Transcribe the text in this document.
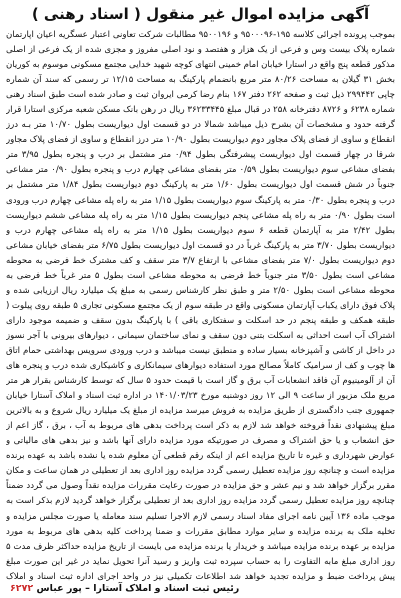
آگهی مزایده اموال غیر منقول ( اسناد رهنی )

بموجب پرونده اجرائی کلاسه ۱۹۵-۹۵۰۰۰۹۶ و ۹۵۰۰۱۹۶ مطالبات شرکت تعاونی اعتبار عسگریه اعیان اپارتمان شماره پلاک بیست وس و فرعی از یک هزار و هفتصد و نود اصلی مفروز و مجزی شده از یک فرعی از اصلی مذکور قطعه پنج واقع در استارا خیابان امام خمینی انتهای کوچه شهید خدایی مجتمع مسکونی موسوم به کوریان بخش ۳۱ گیلان به مساحت ۸۰/۲۶ متر مربع بانضمام پارکینگ به مساحت ۱۲/۱۵ تر رسمی که سند آن شماره چاپی ۲۹۹۴۴۲ ذیل ثبت و صفحه ۲۶۲ دفتر ۱۶۷ بنام رضا کرمی ایروان ثبت و صادر شده است طبق اسناد رهنی شماره ۶۲۳۸ و ۸۷۲۶ دفترخانه ۲۵۸ در قبال مبلغ ۳۶۲۳۳۴۴۵ ریال در رهن بانک مسکن شعبه مرکزی استارا قرار گرفته حدود و مشخصات آن بشرح ذیل میباشد شمالا در دو قسمت اول دیواریست بطول ۱۰/۷۰ متر بـه درز انقطاع و ساوی از فضای پلاک مجاور دوم دیواریست بطول ۱۰/۹۰ متر درز انقطاع و ساوی از فضای پلاک مجاور شرقا در چهار قسمت اول دیواریست پیشرفتگی بطول ۰/۹۴ متر مشتمل بر درب و پنجره بطول ۳/۹۵ متر بفضای مشاعی سوم دیواریست بطول ۰/۵۹ متر بفضای مشاعی چهارم درب و پنجره بطول ۰/۹۰ متر مشاعی جنوباً در شش قسمت اول دیواریست بطول ۱/۶۰ متر به پارکینگ دوم دیواریست بطول ۱/۸۴ متر مشتمل بر درب و پنجره بطول ۰/۳۰ متر به پارکینگ سوم دیواریست بطول ۱/۱۵ متر به راه پله مشاعی چهارم درب ورودی است بطول ۰/۹۰ متر به راه پله مشاعی پنجم دیواریست بطول ۱/۱۵ متر به راه پله مشاعی ششم دیواریست بطول ۲/۴۲ متر به آپارتمان قطعه ۶ سوم دیواریست بطول ۱/۱۵ متر به راه پله مشاعی چهارم درب و دیواریست بطول ۳/۷۰ متر به پارکینگ غرباً در دو قسمت اول دیواریست بطول ۶/۷۵ متر بفضای خیابان مشاعی دوم دیواریست بطول ۷/۰ متر بفضای مشاعی با ارتفاع ۳/۷ متر سقف و کف مشترک خط فرضی به محوطه مشاعی است بطول ۳/۵۰ متر جنوباً خط فرضی به محوطه مشاعی است بطول ۵ متر غرباً خط فرضی به محوطه مشاعی است بطول ۲/۵۰ متر و طبق نظر کارشناس رسمی به مبلغ یک میلیارد ریال ارزیابی شده و پلاک فوق دارای یکباب آپارتمان مسکونی واقع در طبقه سوم از یک مجتمع مسکونی تجاری ۵ طبقه روی پیلوت ( طبقه همکف و طبقه پنجم در حد اسکلت و سفتکاری باقی ) با پارکینگ بدون سقف و ضمیمه موجود دارای اشتراک آب است احداثی به اسکلت بتنی دون سقف و نمای ساختمان سیمانی ، دیوارهای بیرونی با آجر نسوز در داخل از کاشی و آشپزخانه بسیار ساده و منطبق نیست میباشد و درب ورودی سرویس بهداشتی حمام اتاق ها چوب و کف از سرامیک کاملاً مصالح مورد استفاده دیوارهای سیمانکاری و کاشیکاری شده درب و پنجره های آن از آلومینیوم آن فاقد انشعابات آب برق و گاز است با قیمت حدود ۵ سال که توسط کارشناس بقرار هر متر مربع ملک مزبور از ساعت ۹ الی ۱۲ روز دوشنبه مورخ ۱۴۰۱/۰۳/۲۳ در اداره ثبت اسناد و املاک آستارا خیابان جمهوری جنب دادگستری از طریق مزایده به فروش میرسد مزایده از مبلغ یک میلیارد ریال شروع و به بالاترین مبلغ پیشنهادی نقداً فروخته خواهد شد لازم به ذکر است پرداخت بدهی های مربوط به آب ، برق ، گاز اعم از حق انشعاب و یا حق اشتراک و مصرف در صورتیکه مورد مزایده دارای آنها باشد و نیز بدهی های مالیاتی و عوارض شهرداری و غیره تا تاریخ مزایده اعم از اینکه رقم قطعی آن معلوم شده یا نشده باشد به عهده برنده مزایده است و چنانچه روز مزایده تعطیل رسمی گردد مزایده روز اداری بعد از تعطیلی در همان ساعت و مکان مقرر برگزار خواهد شد و نیم عشر و حق مزایده در صورت رعایت مقررات مزایده نقداً وصول می گردد ضمناً چنانچه روز مزایده تعطیل رسمی گردد مزایده روز اداری بعد از تعطیلی برگزار خواهد گردید لازم بذکر است به موجب ماده ۱۳۶ آیین نامه اجرای مفاد اسناد رسمی لازم الاجرا تسلیم سند معامله یا صورت مجلس مزایده و تخلیه ملک به برنده مزایده و سایر موارد مطابق مقررات و ضمنا پرداخت کلیه بدهی های مربوط به مورد مزایده بر عهده برنده مزایده میباشد و خریدار یا برنده مزایده می بایست از تاریخ مزایده حداکثر ظرف مدت ۵ روز اداری مبلغ مابه التفاوت را به حساب سپرده ثبت واریز و رسید آنرا تحویل نماید در غیر این صورت مبلغ پیش پرداخت ضبط و مزایده تجدید خواهد شد اطلاعات تکمیلی نیز در واحد اجرای اداره ثبت اسناد و املاک

رئیس ثبت اسناد و املاک آستارا – پور عباس ۶۲۷۲
